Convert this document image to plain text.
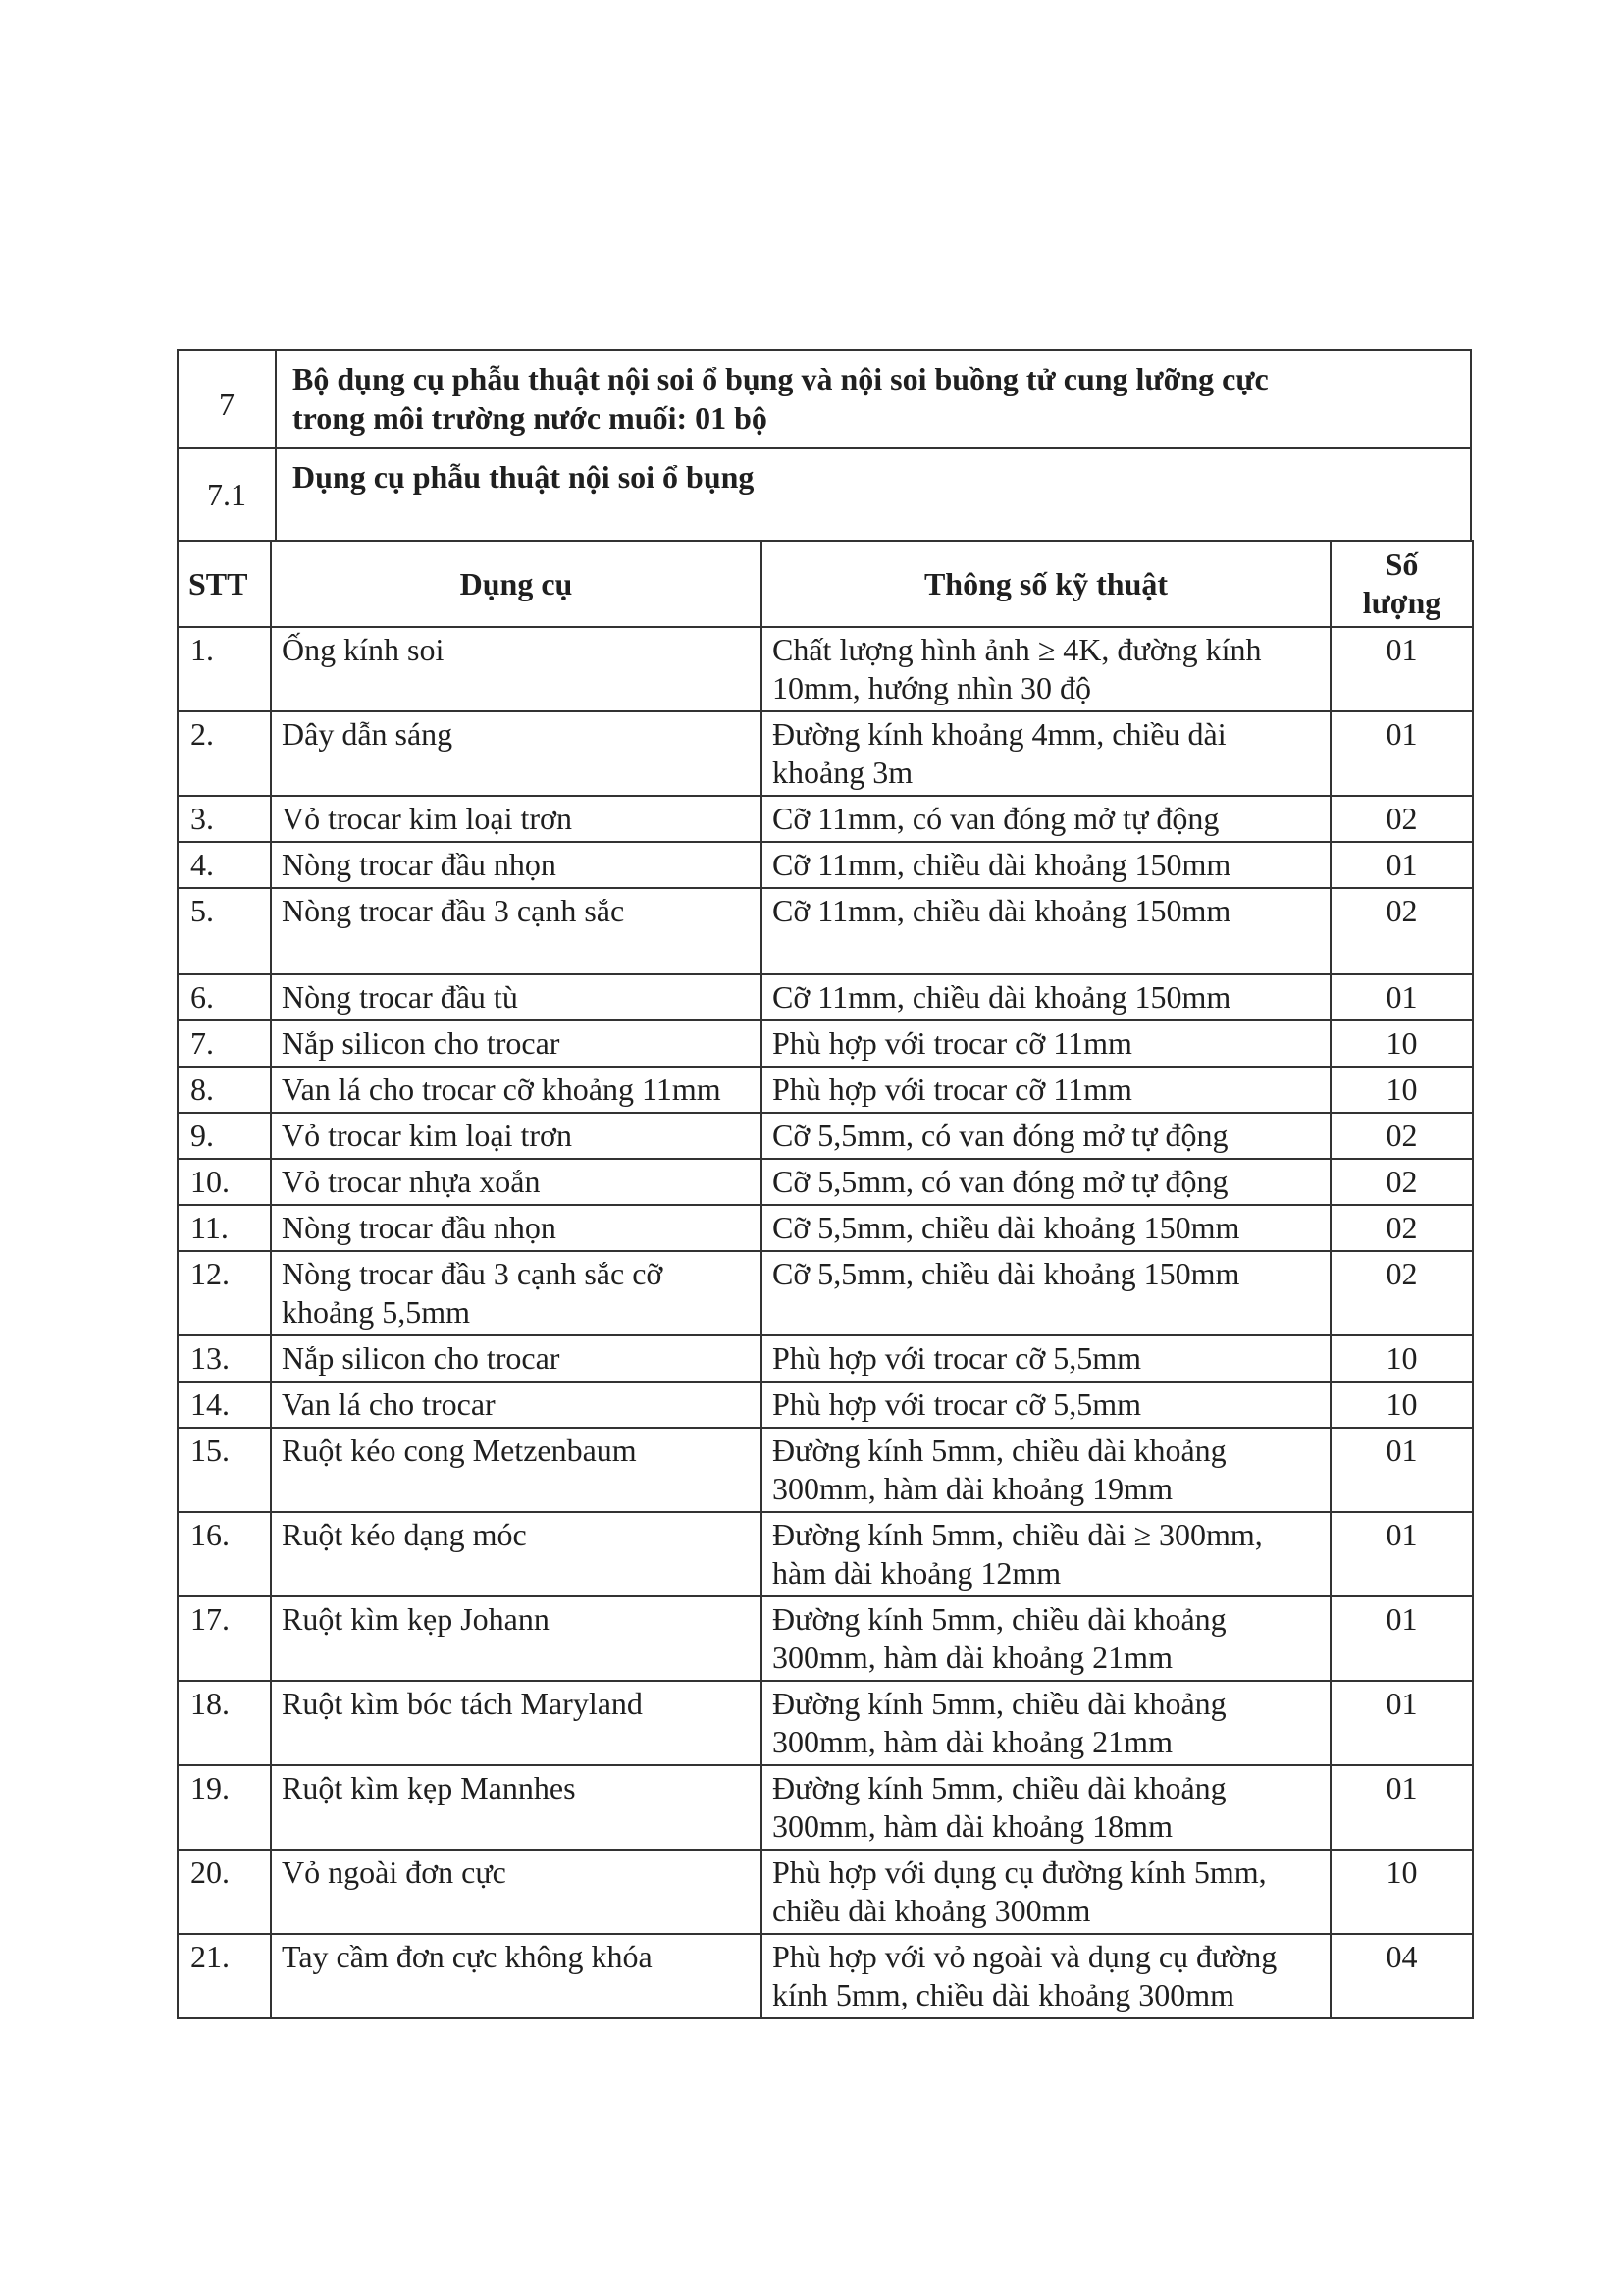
7	Bộ dụng cụ phẫu thuật nội soi ổ bụng và nội soi buồng tử cung lưỡng cực
trong môi trường nước muối: 01 bộ

7.1	Dụng cụ phẫu thuật nội soi ổ bụng
STT	Dụng cụ	Thông số kỹ thuật	Số
lượng

1.	Ống kính soi	Chất lượng hình ảnh ≥ 4K, đường kính 10mm, hướng nhìn 30 độ	01
2.	Dây dẫn sáng	Đường kính khoảng 4mm, chiều dài khoảng 3m	01
3.	Vỏ trocar kim loại trơn	Cỡ 11mm, có van đóng mở tự động	02
4.	Nòng trocar đầu nhọn	Cỡ 11mm, chiều dài khoảng 150mm	01
5.	Nòng trocar đầu 3 cạnh sắc	Cỡ 11mm, chiều dài khoảng 150mm	02
6.	Nòng trocar đầu tù	Cỡ 11mm, chiều dài khoảng 150mm	01
7.	Nắp silicon cho trocar	Phù hợp với trocar cỡ 11mm	10
8.	Van lá cho trocar cỡ khoảng 11mm	Phù hợp với trocar cỡ 11mm	10
9.	Vỏ trocar kim loại trơn	Cỡ 5,5mm, có van đóng mở tự động	02
10.	Vỏ trocar nhựa xoắn	Cỡ 5,5mm, có van đóng mở tự động	02
11.	Nòng trocar đầu nhọn	Cỡ 5,5mm, chiều dài khoảng 150mm	02
12.	Nòng trocar đầu 3 cạnh sắc cỡ khoảng 5,5mm	Cỡ 5,5mm, chiều dài khoảng 150mm	02
13.	Nắp silicon cho trocar	Phù hợp với trocar cỡ 5,5mm	10
14.	Van lá cho trocar	Phù hợp với trocar cỡ 5,5mm	10
15.	Ruột kéo cong Metzenbaum	Đường kính 5mm, chiều dài khoảng 300mm, hàm dài khoảng 19mm	01
16.	Ruột kéo dạng móc	Đường kính 5mm, chiều dài ≥ 300mm, hàm dài khoảng 12mm	01
17.	Ruột kìm kẹp Johann	Đường kính 5mm, chiều dài khoảng 300mm, hàm dài khoảng 21mm	01
18.	Ruột kìm bóc tách Maryland	Đường kính 5mm, chiều dài khoảng 300mm, hàm dài khoảng 21mm	01
19.	Ruột kìm kẹp Mannhes	Đường kính 5mm, chiều dài khoảng 300mm, hàm dài khoảng 18mm	01
20.	Vỏ ngoài đơn cực	Phù hợp với dụng cụ đường kính 5mm, chiều dài khoảng 300mm	10
21.	Tay cầm đơn cực không khóa	Phù hợp với vỏ ngoài và dụng cụ đường kính 5mm, chiều dài khoảng 300mm	04
